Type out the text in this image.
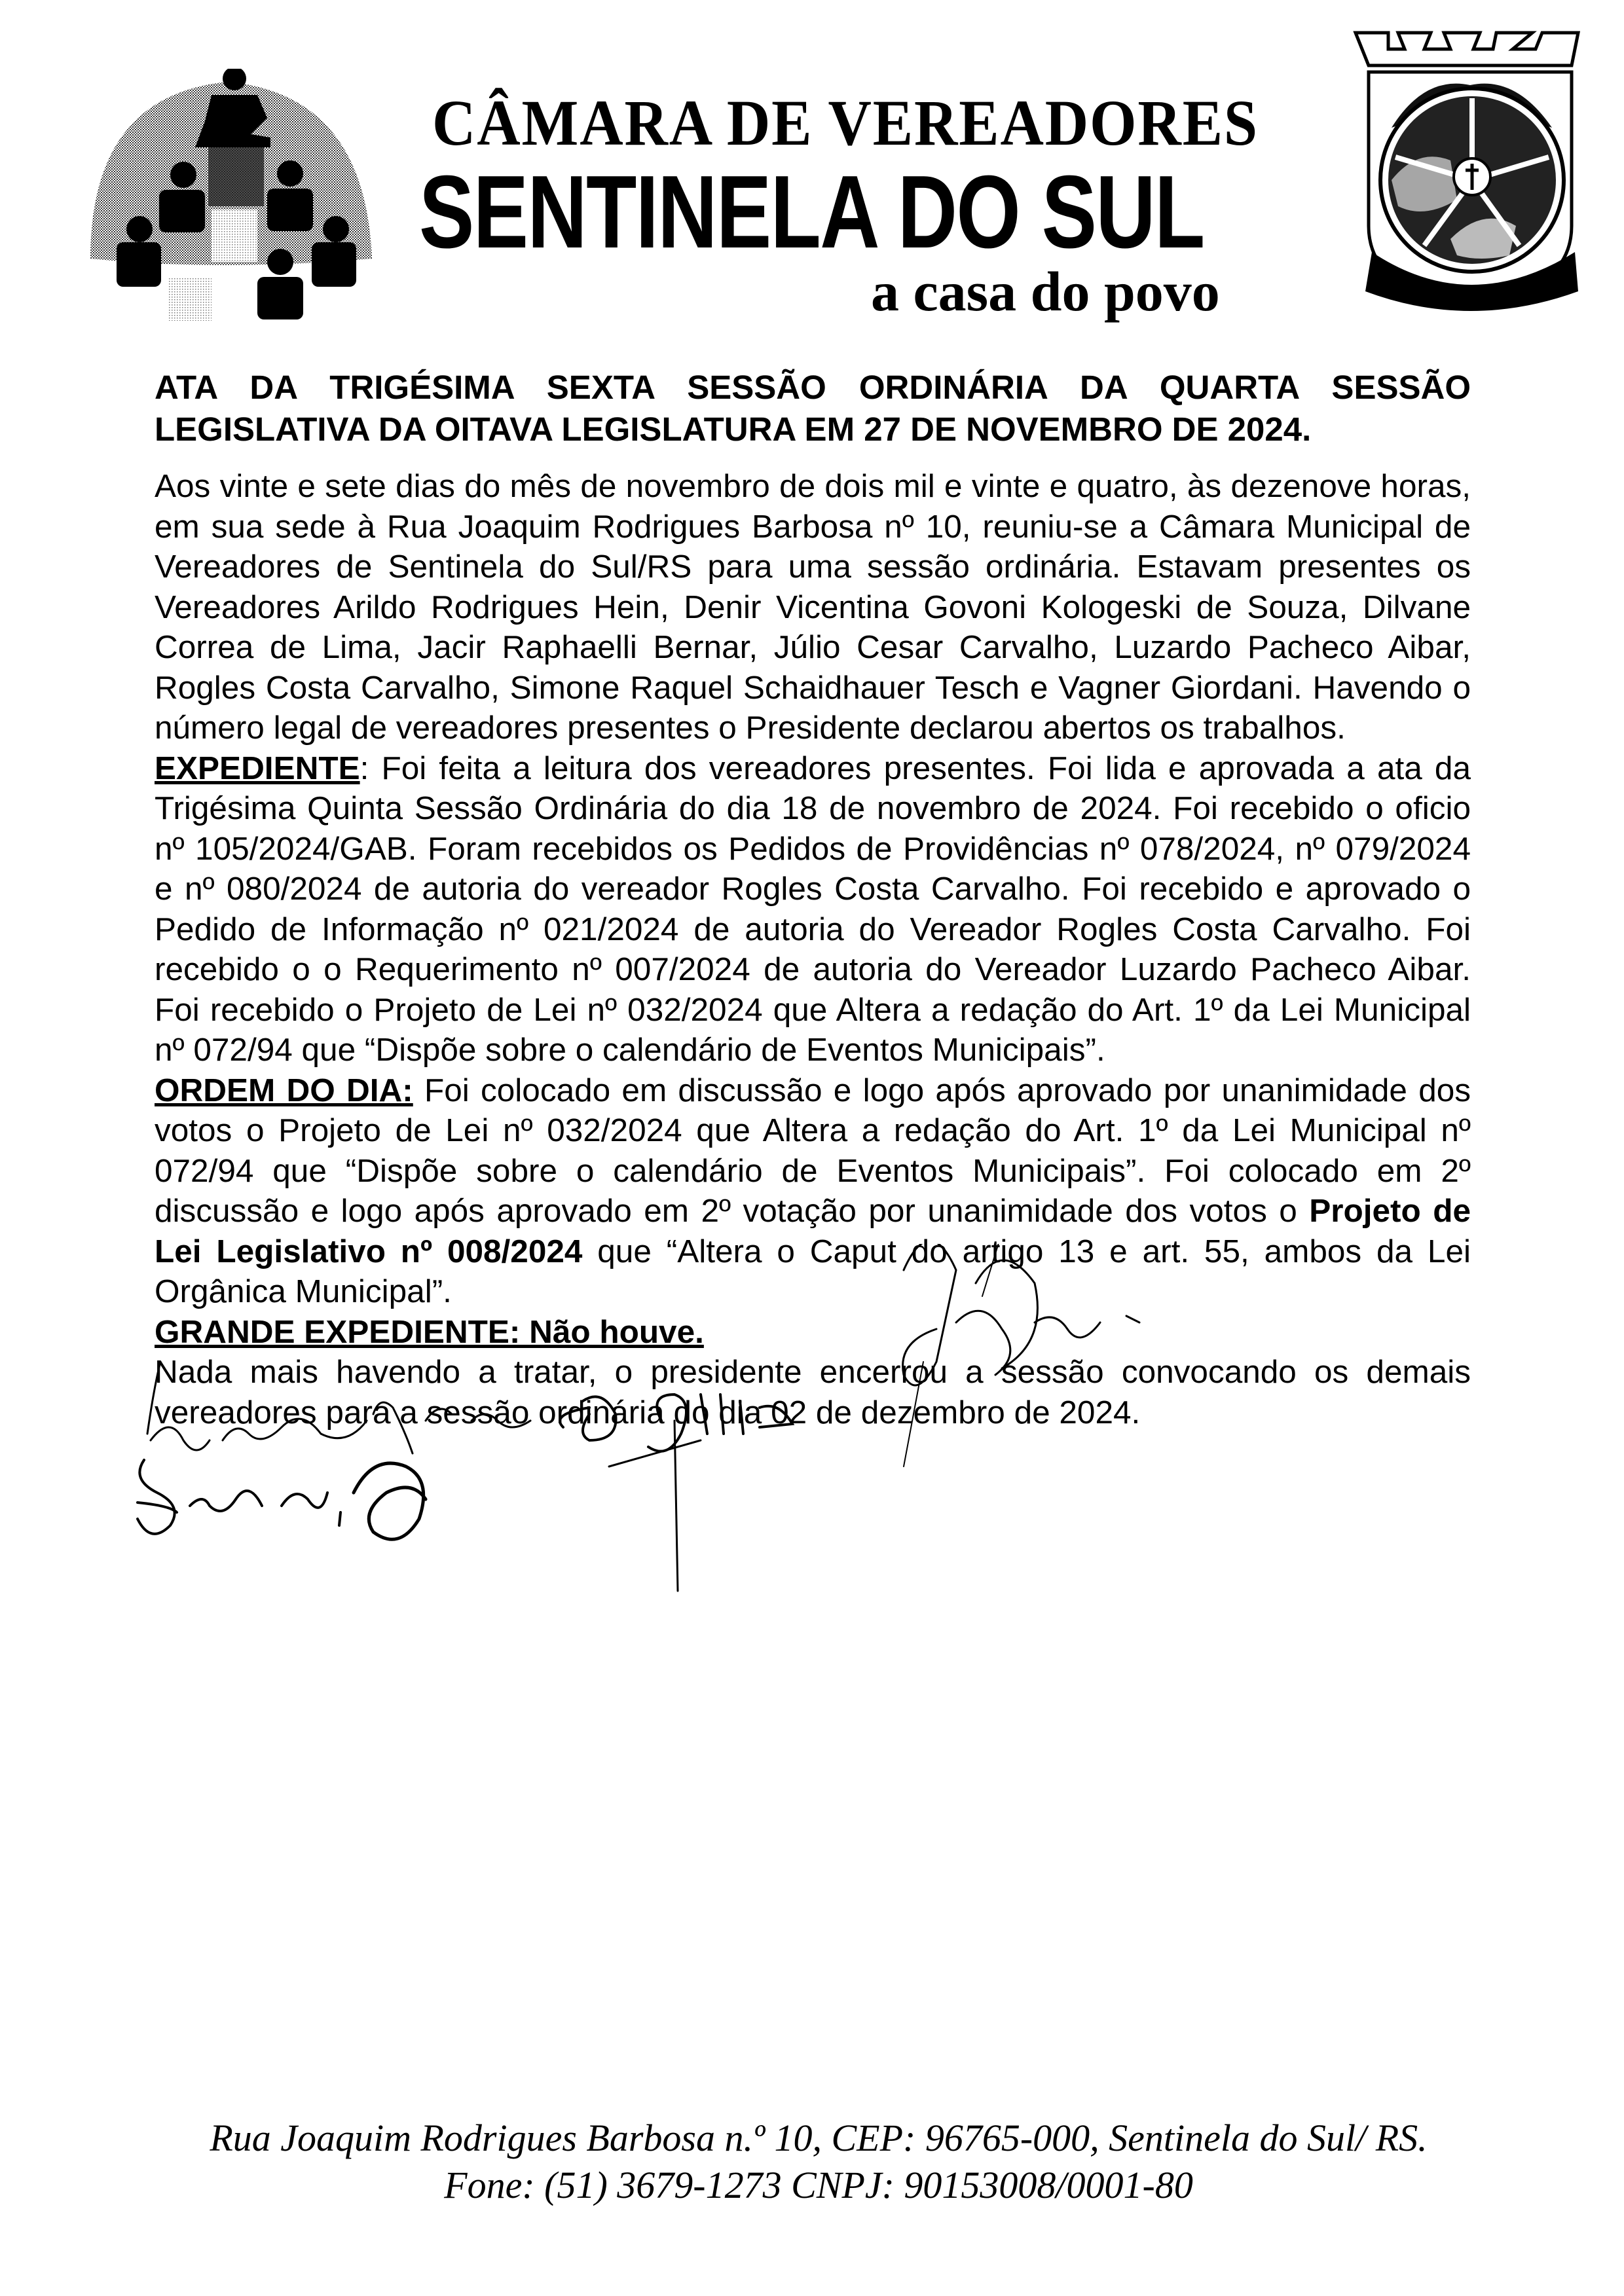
CÂMARA DE VEREADORES
SENTINELA DO SUL
a casa do povo
ATA DA TRIGÉSIMA SEXTA SESSÃO ORDINÁRIA DA QUARTA SESSÃO
LEGISLATIVA DA OITAVA LEGISLATURA EM 27 DE NOVEMBRO DE 2024.

Aos vinte e sete dias do mês de novembro de dois mil e vinte e quatro, às dezenove horas, em sua sede à Rua Joaquim Rodrigues Barbosa nº 10, reuniu-se a Câmara Municipal de Vereadores de Sentinela do Sul/RS para uma sessão ordinária. Estavam presentes os Vereadores Arildo Rodrigues Hein, Denir Vicentina Govoni Kologeski de Souza, Dilvane Correa de Lima, Jacir Raphaelli Bernar, Júlio Cesar Carvalho, Luzardo Pacheco Aibar, Rogles Costa Carvalho, Simone Raquel Schaidhauer Tesch e Vagner Giordani. Havendo o número legal de vereadores presentes o Presidente declarou abertos os trabalhos.

EXPEDIENTE: Foi feita a leitura dos vereadores presentes. Foi lida e aprovada a ata da Trigésima Quinta Sessão Ordinária do dia 18 de novembro de 2024. Foi recebido o oficio nº 105/2024/GAB. Foram recebidos os Pedidos de Providências nº 078/2024, nº 079/2024 e nº 080/2024 de autoria do vereador Rogles Costa Carvalho. Foi recebido e aprovado o Pedido de Informação nº 021/2024 de autoria do Vereador Rogles Costa Carvalho. Foi recebido o o Requerimento nº 007/2024 de autoria do Vereador Luzardo Pacheco Aibar. Foi recebido o Projeto de Lei nº 032/2024 que Altera a redação do Art. 1º da Lei Municipal nº 072/94 que “Dispõe sobre o calendário de Eventos Municipais”.

ORDEM DO DIA: Foi colocado em discussão e logo após aprovado por unanimidade dos votos o Projeto de Lei nº 032/2024 que Altera a redação do Art. 1º da Lei Municipal nº 072/94 que “Dispõe sobre o calendário de Eventos Municipais”. Foi colocado em 2º discussão e logo após aprovado em 2º votação por unanimidade dos votos o Projeto de Lei Legislativo nº 008/2024 que “Altera o Caput do artigo 13 e art. 55, ambos da Lei Orgânica Municipal”.

GRANDE EXPEDIENTE: Não houve.

Nada mais havendo a tratar, o presidente encerrou a sessão convocando os demais vereadores para a sessão ordinária do dia 02 de dezembro de 2024.

Rua Joaquim Rodrigues Barbosa n.º 10, CEP: 96765-000, Sentinela do Sul/ RS.
Fone: (51) 3679-1273 CNPJ: 90153008/0001-80
